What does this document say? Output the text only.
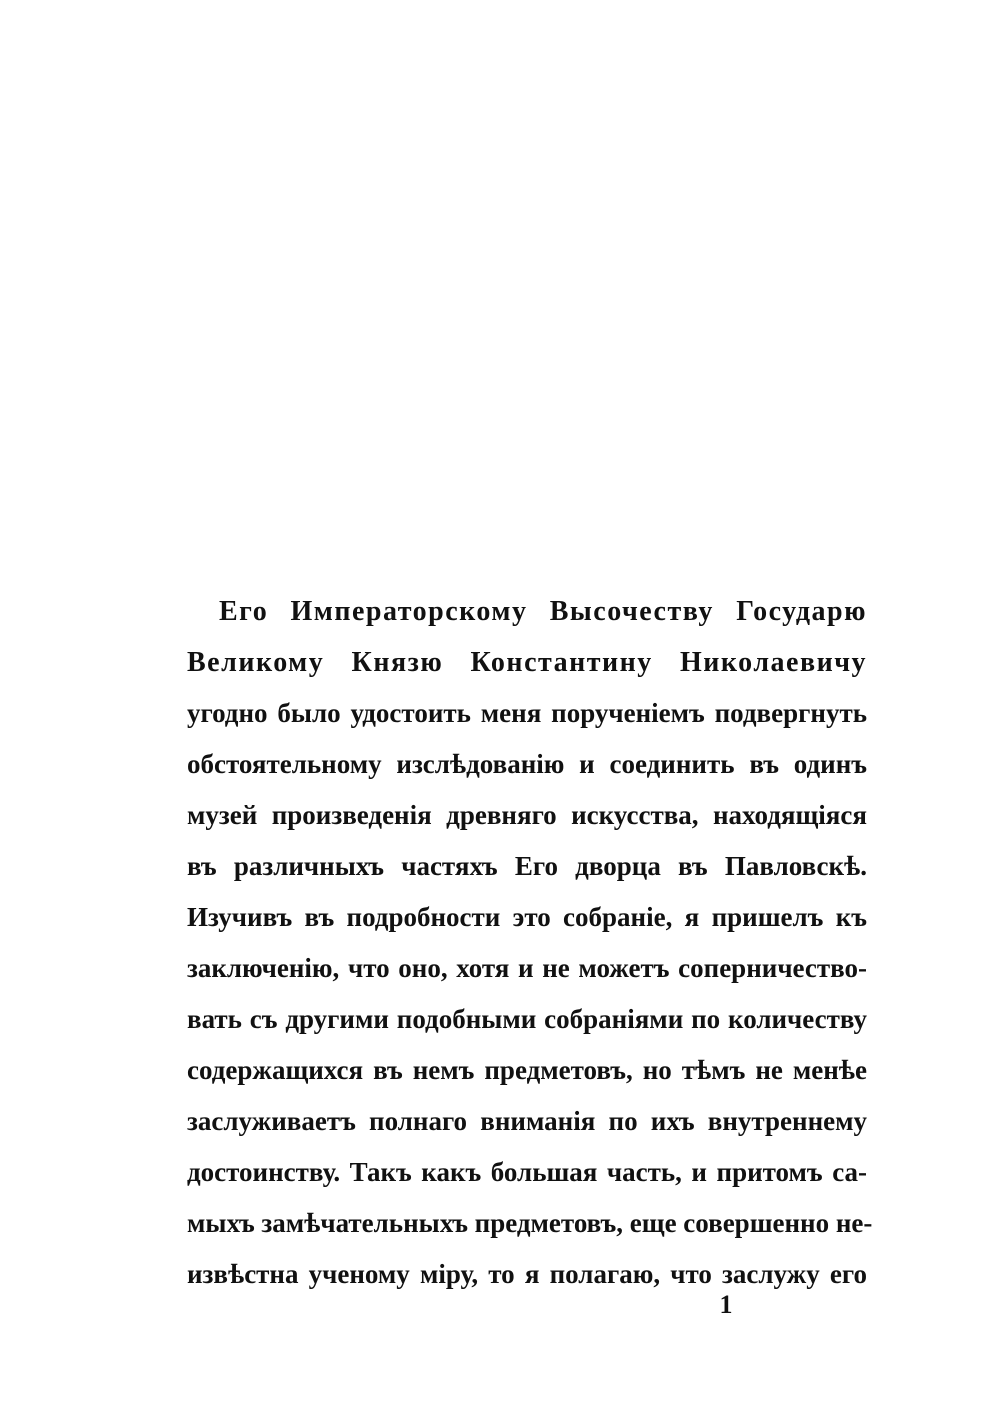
Его Императорскому Высочеству Государю
Великому Князю Константину Николаевичу
угодно было удостоить меня порученіемъ подвергнуть
обстоятельному изслѣдованію и соединить въ одинъ
музей произведенія древняго искусства, находящіяся
въ различныхъ частяхъ Его дворца въ Павловскѣ.
Изучивъ въ подробности это собраніе, я пришелъ къ
заключенію, что оно, хотя и не можетъ соперничество-
вать съ другими подобными собраніями по количеству
содержащихся въ немъ предметовъ, но тѣмъ не менѣе
заслуживаетъ полнаго вниманія по ихъ внутреннему
достоинству. Такъ какъ большая часть, и притомъ са-
мыхъ замѣчательныхъ предметовъ, еще совершенно не-
извѣстна ученому міру, то я полагаю, что заслужу его
1
